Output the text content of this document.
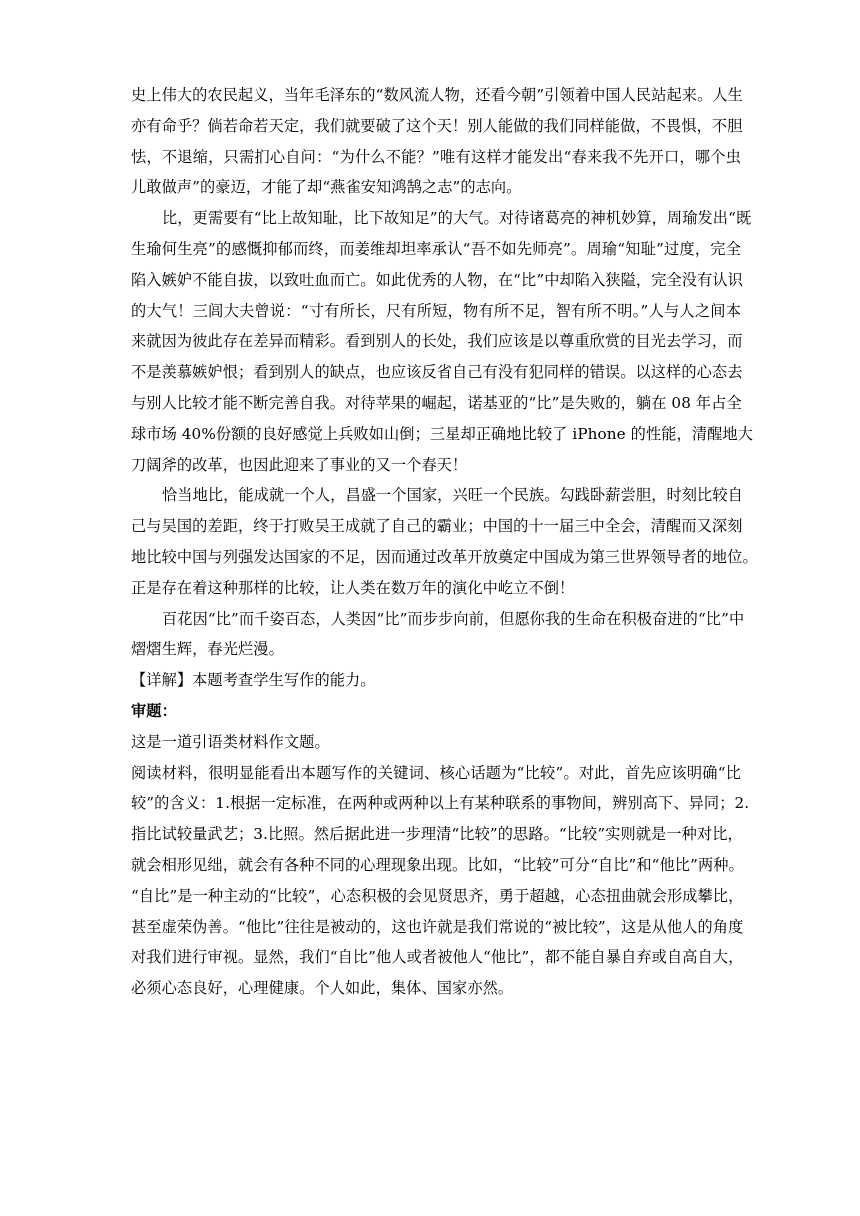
史上伟大的农民起义，当年毛泽东的“数风流人物，还看今朝”引领着中国人民站起来。人生
亦有命乎？倘若命若天定，我们就要破了这个天！别人能做的我们同样能做，不畏惧，不胆
怯，不退缩，只需扪心自问：“为什么不能？”唯有这样才能发出“春来我不先开口，哪个虫
儿敢做声”的豪迈，才能了却“燕雀安知鸿鹄之志”的志向。
比，更需要有“比上故知耻，比下故知足”的大气。对待诸葛亮的神机妙算，周瑜发出“既
生瑜何生亮”的感慨抑郁而终，而姜维却坦率承认“吾不如先师亮”。周瑜“知耻”过度，完全
陷入嫉妒不能自拔，以致吐血而亡。如此优秀的人物，在“比”中却陷入狭隘，完全没有认识
的大气！三闾大夫曾说：“寸有所长，尺有所短，物有所不足，智有所不明。”人与人之间本
来就因为彼此存在差异而精彩。看到别人的长处，我们应该是以尊重欣赏的目光去学习，而
不是羡慕嫉妒恨；看到别人的缺点，也应该反省自己有没有犯同样的错误。以这样的心态去
与别人比较才能不断完善自我。对待苹果的崛起，诺基亚的“比”是失败的，躺在 08 年占全
球市场 40%份额的良好感觉上兵败如山倒；三星却正确地比较了 iPhone 的性能，清醒地大
刀阔斧的改革，也因此迎来了事业的又一个春天！
恰当地比，能成就一个人，昌盛一个国家，兴旺一个民族。勾践卧薪尝胆，时刻比较自
己与吴国的差距，终于打败吴王成就了自己的霸业；中国的十一届三中全会，清醒而又深刻
地比较中国与列强发达国家的不足，因而通过改革开放奠定中国成为第三世界领导者的地位。
正是存在着这种那样的比较，让人类在数万年的演化中屹立不倒！
百花因“比”而千姿百态，人类因“比”而步步向前，但愿你我的生命在积极奋进的“比”中
熠熠生辉，春光烂漫。
【详解】本题考查学生写作的能力。
审题：
这是一道引语类材料作文题。
阅读材料，很明显能看出本题写作的关键词、核心话题为“比较”。对此，首先应该明确“比
较”的含义：1.根据一定标准，在两种或两种以上有某种联系的事物间，辨别高下、异同；2.
指比试较量武艺；3.比照。然后据此进一步理清“比较”的思路。“比较”实则就是一种对比，
就会相形见绌，就会有各种不同的心理现象出现。比如，“比较”可分“自比”和“他比”两种。
“自比”是一种主动的“比较”，心态积极的会见贤思齐，勇于超越，心态扭曲就会形成攀比，
甚至虚荣伪善。“他比”往往是被动的，这也许就是我们常说的“被比较”，这是从他人的角度
对我们进行审视。显然，我们“自比”他人或者被他人“他比”，都不能自暴自弃或自高自大，
必须心态良好，心理健康。个人如此，集体、国家亦然。
